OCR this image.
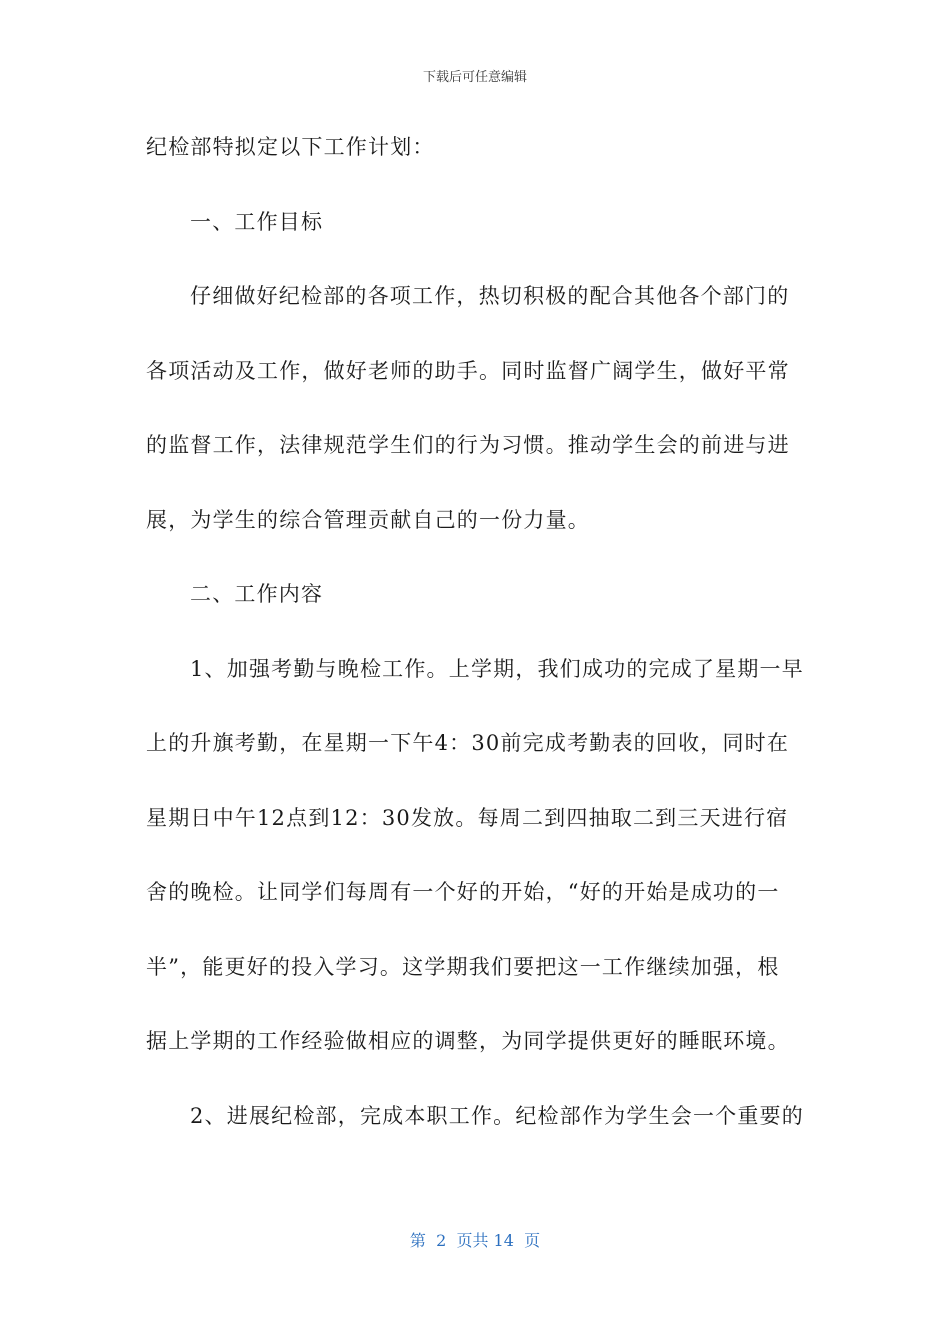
下载后可任意编辑
纪检部特拟定以下工作计划：
一、工作目标
仔细做好纪检部的各项工作，热切积极的配合其他各个部门的
各项活动及工作，做好老师的助手。同时监督广阔学生，做好平常
的监督工作，法律规范学生们的行为习惯。推动学生会的前进与进
展，为学生的综合管理贡献自己的一份力量。
二、工作内容
1、加强考勤与晚检工作。上学期，我们成功的完成了星期一早
上的升旗考勤，在星期一下午4：30前完成考勤表的回收，同时在
星期日中午12点到12：30发放。每周二到四抽取二到三天进行宿
舍的晚检。让同学们每周有一个好的开始，“好的开始是成功的一
半”，能更好的投入学习。这学期我们要把这一工作继续加强，根
据上学期的工作经验做相应的调整，为同学提供更好的睡眠环境。
2、进展纪检部，完成本职工作。纪检部作为学生会一个重要的
第  2  页共 14  页
